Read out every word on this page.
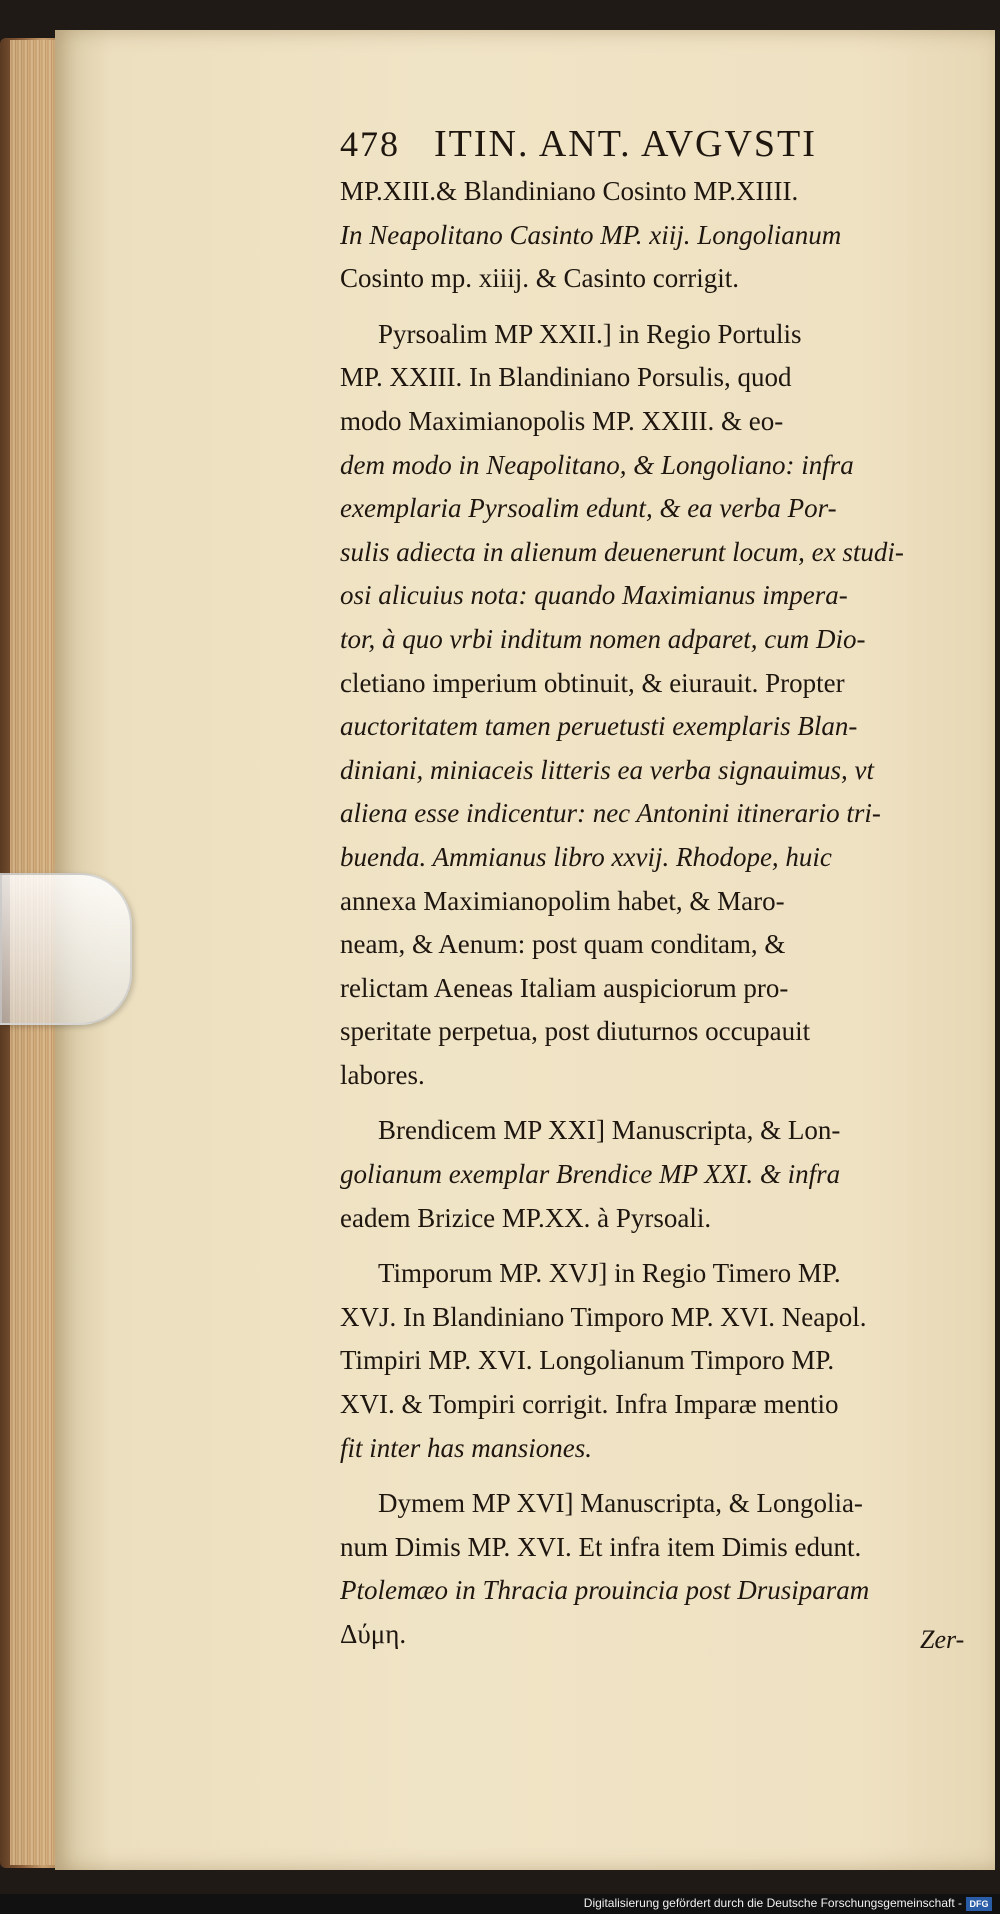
478 ITIN. ANT. AVGVSTI
MP.XIII.& Blandiniano Cosinto MP.XIIII.
In Neapolitano Casinto MP. xiij. Longolianum
Cosinto mp. xiiij. & Casinto corrigit.
Pyrsoalim MP XXII.] in Regio Portulis
MP. XXIII. In Blandiniano Porsulis, quod
modo Maximianopolis MP. XXIII. & eo-
dem modo in Neapolitano, & Longoliano: infra
exemplaria Pyrsoalim edunt, & ea verba Por-
sulis adiecta in alienum deuenerunt locum, ex studi-
osi alicuius nota: quando Maximianus impera-
tor, à quo vrbi inditum nomen adparet, cum Dio-
cletiano imperium obtinuit, & eiurauit. Propter
auctoritatem tamen peruetusti exemplaris Blan-
diniani, miniaceis litteris ea verba signauimus, vt
aliena esse indicentur: nec Antonini itinerario tri-
buenda. Ammianus libro xxvij. Rhodope, huic
annexa Maximianopolim habet, & Maro-
neam, & Aenum: post quam conditam, &
relictam Aeneas Italiam auspiciorum pro-
speritate perpetua, post diuturnos occupauit
labores.
Brendicem MP XXI] Manuscripta, & Lon-
golianum exemplar Brendice MP XXI. & infra
eadem Brizice MP.XX. à Pyrsoali.
Timporum MP. XVJ] in Regio Timero MP.
XVJ. In Blandiniano Timporo MP. XVI. Neapol.
Timpiri MP. XVI. Longolianum Timporo MP.
XVI. & Tompiri corrigit. Infra Imparæ mentio
fit inter has mansiones.
Dymem MP XVI] Manuscripta, & Longolia-
num Dimis MP. XVI. Et infra item Dimis edunt.
Ptolemæo in Thracia prouincia post Drusiparam
Δύμη.	Zer-
Digitalisierung gefördert durch die Deutsche Forschungsgemeinschaft - DFG
